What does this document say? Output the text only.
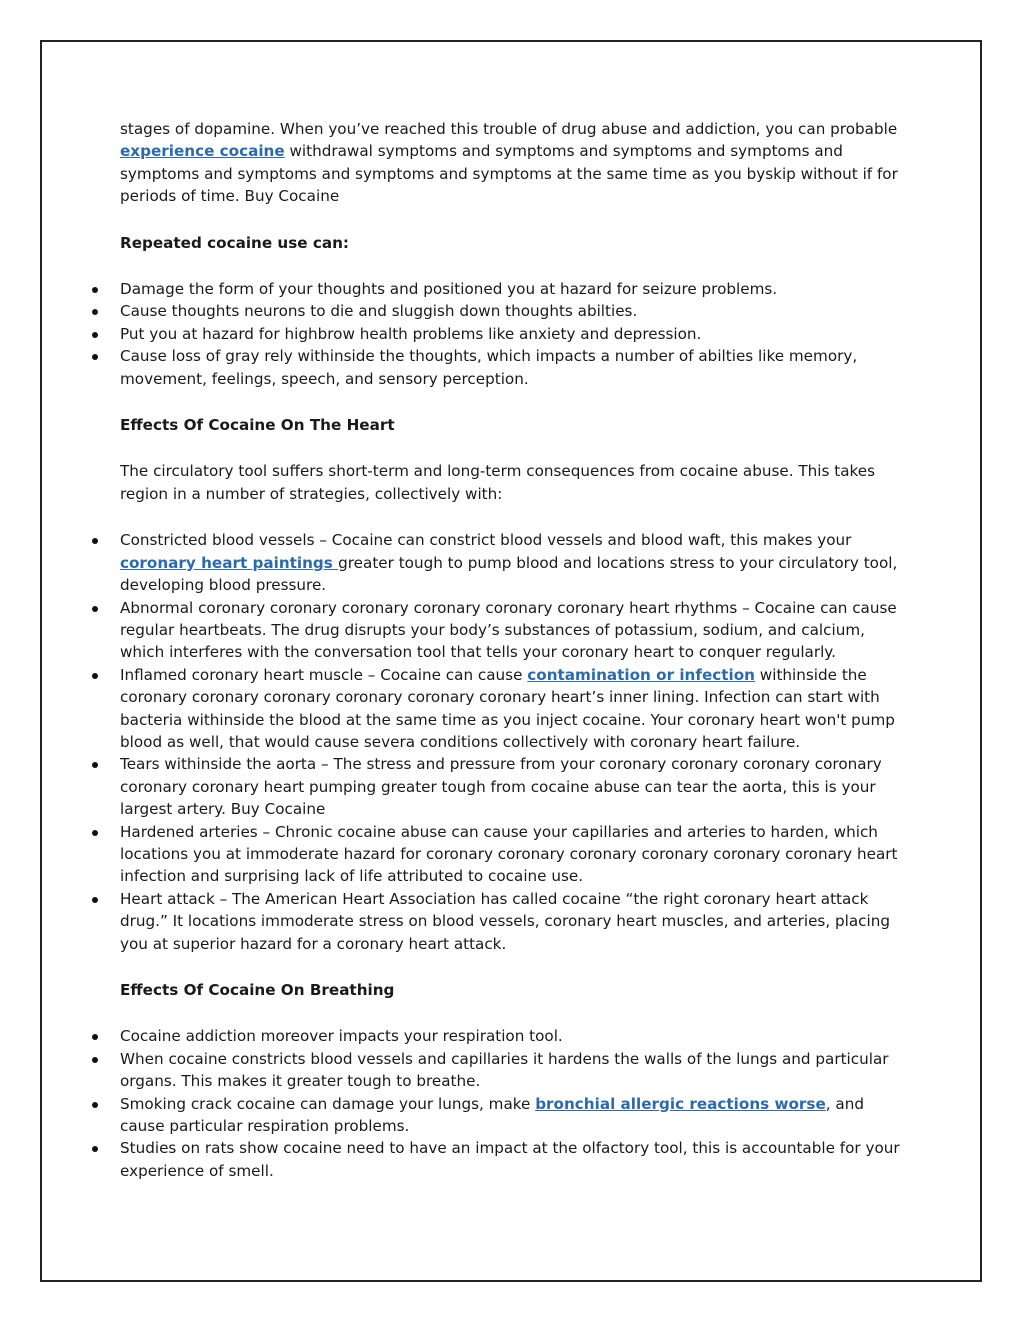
stages of dopamine. When you’ve reached this trouble of drug abuse and addiction, you can probable experience cocaine withdrawal symptoms and symptoms and symptoms and symptoms and symptoms and symptoms and symptoms and symptoms at the same time as you byskip without if for periods of time. Buy Cocaine

Repeated cocaine use can:

Damage the form of your thoughts and positioned you at hazard for seizure problems.
Cause thoughts neurons to die and sluggish down thoughts abilties.
Put you at hazard for highbrow health problems like anxiety and depression.
Cause loss of gray rely withinside the thoughts, which impacts a number of abilties like memory, movement, feelings, speech, and sensory perception.

Effects Of Cocaine On The Heart

The circulatory tool suffers short-term and long-term consequences from cocaine abuse. This takes region in a number of strategies, collectively with:

Constricted blood vessels – Cocaine can constrict blood vessels and blood waft, this makes your coronary heart paintings greater tough to pump blood and locations stress to your circulatory tool, developing blood pressure.
Abnormal coronary coronary coronary coronary coronary coronary heart rhythms – Cocaine can cause regular heartbeats. The drug disrupts your body’s substances of potassium, sodium, and calcium, which interferes with the conversation tool that tells your coronary heart to conquer regularly.
Inflamed coronary heart muscle – Cocaine can cause contamination or infection withinside the coronary coronary coronary coronary coronary coronary heart’s inner lining. Infection can start with bacteria withinside the blood at the same time as you inject cocaine. Your coronary heart won't pump blood as well, that would cause severa conditions collectively with coronary heart failure.
Tears withinside the aorta – The stress and pressure from your coronary coronary coronary coronary coronary coronary heart pumping greater tough from cocaine abuse can tear the aorta, this is your largest artery. Buy Cocaine
Hardened arteries – Chronic cocaine abuse can cause your capillaries and arteries to harden, which locations you at immoderate hazard for coronary coronary coronary coronary coronary coronary heart infection and surprising lack of life attributed to cocaine use.
Heart attack – The American Heart Association has called cocaine “the right coronary heart attack drug.” It locations immoderate stress on blood vessels, coronary heart muscles, and arteries, placing you at superior hazard for a coronary heart attack.

Effects Of Cocaine On Breathing

Cocaine addiction moreover impacts your respiration tool.
When cocaine constricts blood vessels and capillaries it hardens the walls of the lungs and particular organs. This makes it greater tough to breathe.
Smoking crack cocaine can damage your lungs, make bronchial allergic reactions worse, and cause particular respiration problems.
Studies on rats show cocaine need to have an impact at the olfactory tool, this is accountable for your experience of smell.
